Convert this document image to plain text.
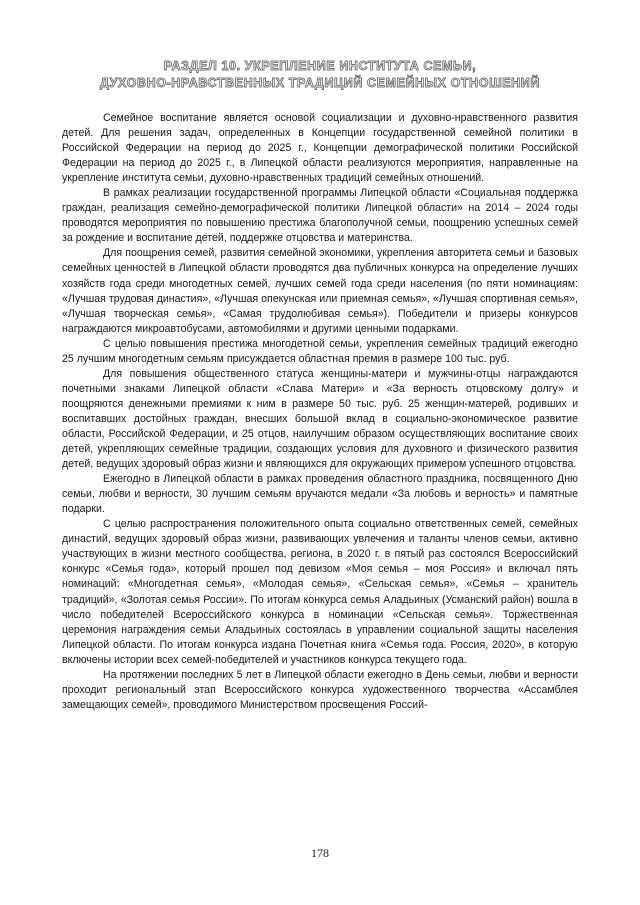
РАЗДЕЛ 10. УКРЕПЛЕНИЕ ИНСТИТУТА СЕМЬИ,
ДУХОВНО-НРАВСТВЕННЫХ ТРАДИЦИЙ СЕМЕЙНЫХ ОТНОШЕНИЙ

Семейное воспитание является основой социализации и духовно-нравственного развития детей. Для решения задач, определенных в Концепции государственной семейной политики в Российской Федерации на период до 2025 г., Концепции демографической политики Российской Федерации на период до 2025 г., в Липецкой области реализуются мероприятия, направленные на укрепление института семьи, духовно-нравственных традиций семейных отношений.

В рамках реализации государственной программы Липецкой области «Социальная поддержка граждан, реализация семейно-демографической политики Липецкой области» на 2014 – 2024 годы проводятся мероприятия по повышению престижа благополучной семьи, поощрению успешных семей за рождение и воспитание детей, поддержке отцовства и материнства.

Для поощрения семей, развития семейной экономики, укрепления авторитета семьи и базовых семейных ценностей в Липецкой области проводятся два публичных конкурса на определение лучших хозяйств года среди многодетных семей, лучших семей года среди населения (по пяти номинациям: «Лучшая трудовая династия», «Лучшая опекунская или приемная семья», «Лучшая спортивная семья», «Лучшая творческая семья», «Самая трудолюбивая семья»). Победители и призеры конкурсов награждаются микроавтобусами, автомобилями и другими ценными подарками.

С целью повышения престижа многодетной семьи, укрепления семейных традиций ежегодно 25 лучшим многодетным семьям присуждается областная премия в размере 100 тыс. руб.

Для повышения общественного статуса женщины-матери и мужчины-отцы награждаются почетными знаками Липецкой области «Слава Матери» и «За верность отцовскому долгу» и поощряются денежными премиями к ним в размере 50 тыс. руб. 25 женщин-матерей, родивших и воспитавших достойных граждан, внесших большой вклад в социально-экономическое развитие области, Российской Федерации, и 25 отцов, наилучшим образом осуществляющих воспитание своих детей, укрепляющих семейные традиции, создающих условия для духовного и физического развития детей, ведущих здоровый образ жизни и являющихся для окружающих примером успешного отцовства.

Ежегодно в Липецкой области в рамках проведения областного праздника, посвященного Дню семьи, любви и верности, 30 лучшим семьям вручаются медали «За любовь и верность» и памятные подарки.

С целью распространения положительного опыта социально ответственных семей, семейных династий, ведущих здоровый образ жизни, развивающих увлечения и таланты членов семьи, активно участвующих в жизни местного сообщества, региона, в 2020 г. в пятый раз состоялся Всероссийский конкурс «Семья года», который прошел под девизом «Моя семья – моя Россия» и включал пять номинаций: «Многодетная семья», «Молодая семья», «Сельская семья», «Семья – хранитель традиций», «Золотая семья России». По итогам конкурса семья Аладьиных (Усманский район) вошла в число победителей Всероссийского конкурса в номинации «Сельская семья». Торжественная церемония награждения семьи Аладьиных состоялась в управлении социальной защиты населения Липецкой области. По итогам конкурса издана Почетная книга «Семья года. Россия, 2020», в которую включены истории всех семей-победителей и участников конкурса текущего года.

На протяжении последних 5 лет в Липецкой области ежегодно в День семьи, любви и верности проходит региональный этап Всероссийского конкурса художественного творчества «Ассамблея замещающих семей», проводимого Министерством просвещения Россий-

178
